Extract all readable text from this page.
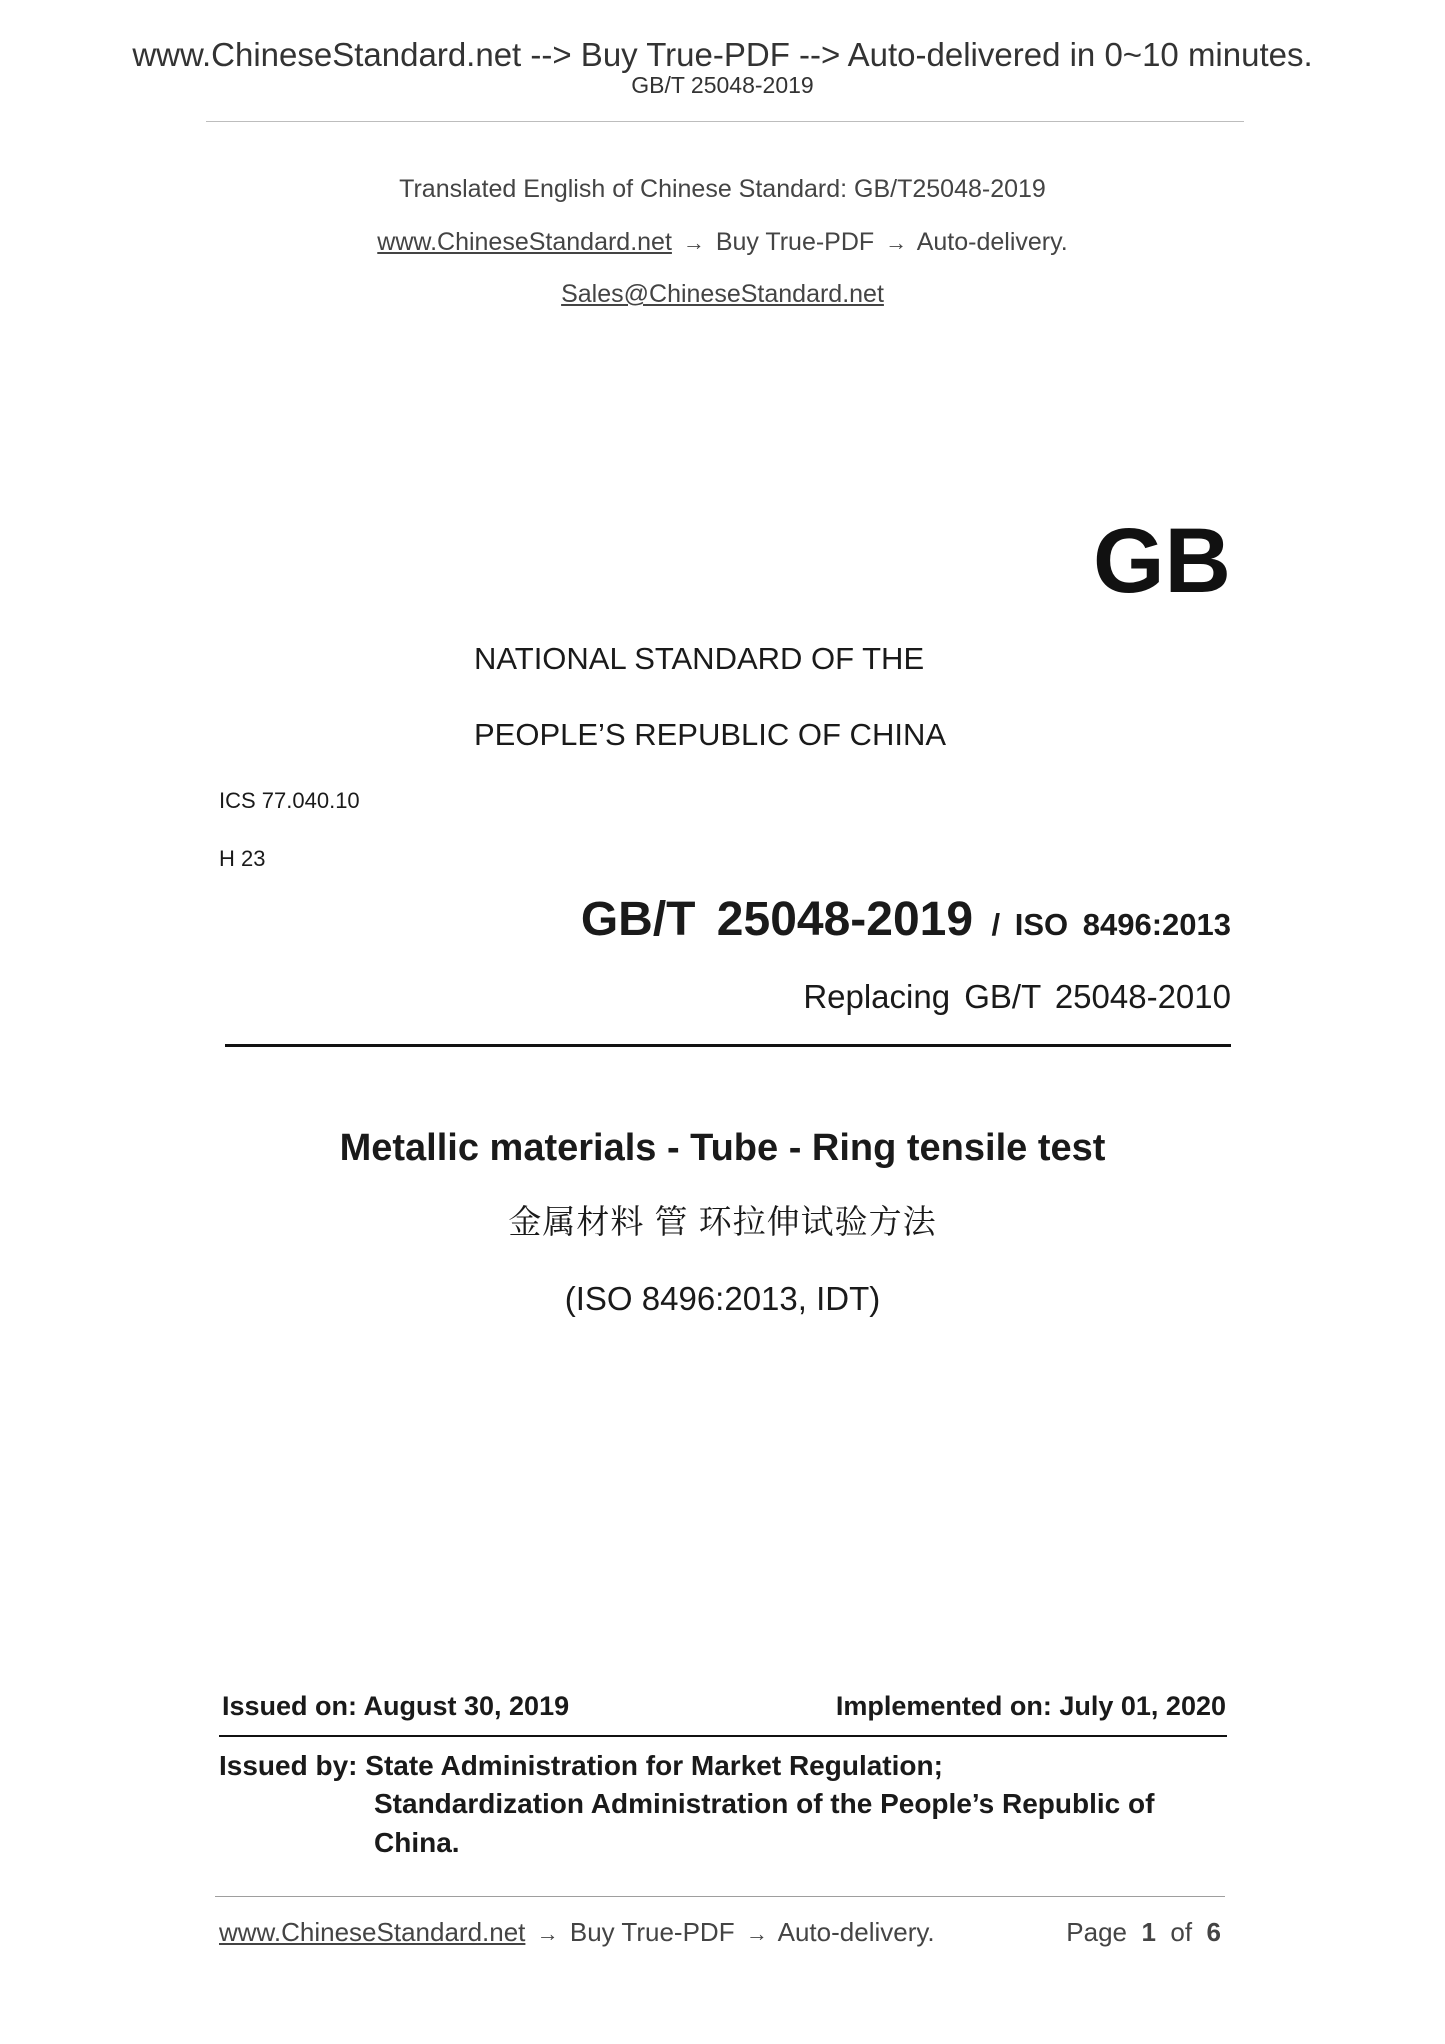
www.ChineseStandard.net --> Buy True-PDF --> Auto-delivered in 0~10 minutes.
GB/T 25048-2019
Translated English of Chinese Standard: GB/T25048-2019
www.ChineseStandard.net → Buy True-PDF → Auto-delivery.
Sales@ChineseStandard.net
GB
NATIONAL STANDARD OF THE
PEOPLE’S REPUBLIC OF CHINA
ICS 77.040.10
H 23
GB/T 25048-2019 / ISO 8496:2013
Replacing GB/T 25048-2010
Metallic materials - Tube - Ring tensile test
金属材料 管 环拉伸试验方法
(ISO 8496:2013, IDT)
Issued on: August 30, 2019	Implemented on: July 01, 2020
Issued by: State Administration for Market Regulation;
Standardization Administration of the People’s Republic of
China.
www.ChineseStandard.net → Buy True-PDF → Auto-delivery.	Page 1 of 6
